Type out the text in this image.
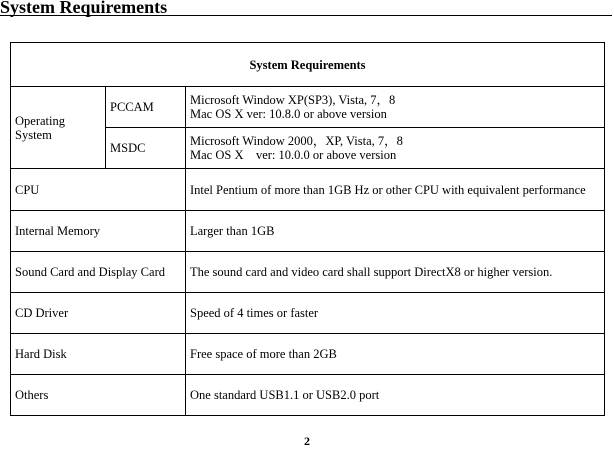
System Requirements
System Requirements		

Operating
System	PCCAM	Microsoft Window XP(SP3), Vista, 7，8
Mac OS X ver: 10.8.0 or above version

	MSDC	Microsoft Window 2000，XP, Vista, 7，8
Mac OS X    ver: 10.0.0 or above version

CPU		Intel Pentium of more than 1GB Hz or other CPU with equivalent performance
Internal Memory		Larger than 1GB
Sound Card and Display Card		The sound card and video card shall support DirectX8 or higher version.
CD Driver		Speed of 4 times or faster
Hard Disk		Free space of more than 2GB
Others		One standard USB1.1 or USB2.0 port
2
